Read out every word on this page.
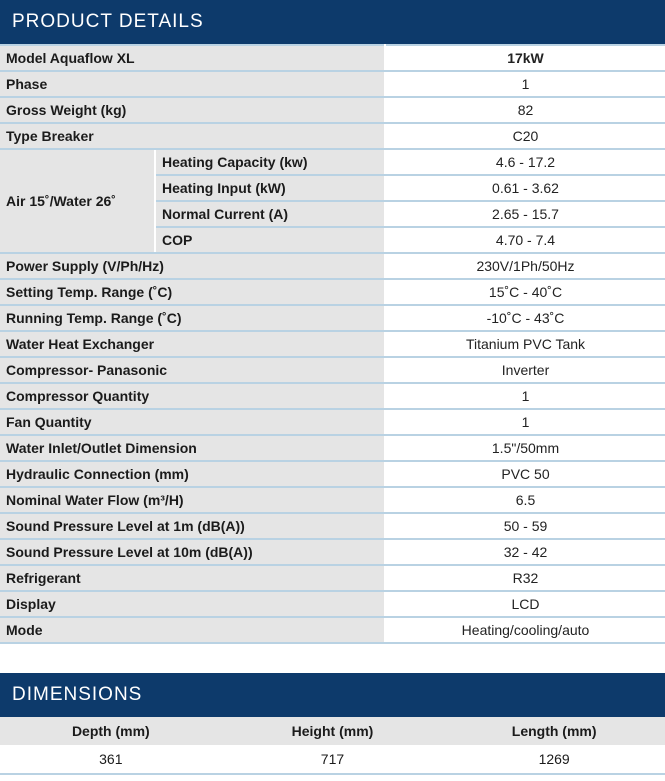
PRODUCT DETAILS
Model Aquaflow XL		17kW
Phase		1
Gross Weight (kg)		82
Type Breaker		C20
Air 15˚/Water 26˚	Heating Capacity (kw)	4.6 - 17.2
	Heating Input (kW)	0.61 - 3.62
	Normal Current (A)	2.65 - 15.7
	COP	4.70 - 7.4
Power Supply (V/Ph/Hz)		230V/1Ph/50Hz
Setting Temp. Range (˚C)		15˚C - 40˚C
Running Temp. Range (˚C)		-10˚C - 43˚C
Water Heat Exchanger		Titanium PVC Tank
Compressor- Panasonic		Inverter
Compressor Quantity		1
Fan Quantity		1
Water Inlet/Outlet Dimension		1.5"/50mm
Hydraulic Connection (mm)		PVC 50
Nominal Water Flow (m³/H)		6.5
Sound Pressure Level at 1m (dB(A))		50 - 59
Sound Pressure Level at 10m (dB(A))		32 - 42
Refrigerant		R32
Display		LCD
Mode		Heating/cooling/auto
DIMENSIONS
Depth (mm)	Height (mm)	Length (mm)
361	717	1269
